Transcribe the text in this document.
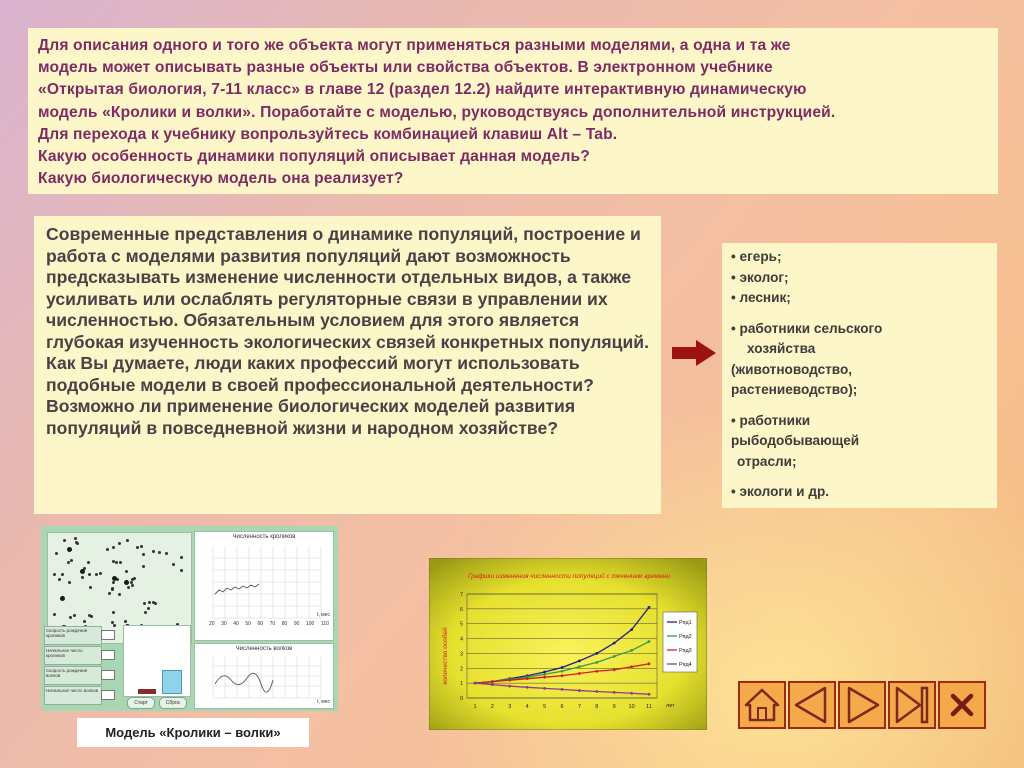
Для описания одного и того же объекта могут применяться разными моделями, а одна и та же

модель может описывать разные объекты или свойства объектов. В электронном учебнике

«Открытая биология, 7-11 класс» в главе 12 (раздел 12.2) найдите интерактивную динамическую

модель «Кролики и волки». Поработайте с моделью, руководствуясь дополнительной инструкцией.

Для перехода к учебнику вопрользуйтесь комбинацией клавиш Alt – Tab.

Какую особенность динамики популяций описывает данная модель?

Какую биологическую модель она реализует?

Современные представления о динамике популяций, построение и работа с моделями развития популяций дают возможность предсказывать изменение численности отдельных видов, а также усиливать или ослаблять регуляторные связи в управлении их численностью. Обязательным условием для этого является глубокая изученность экологических связей конкретных популяций. Как Вы думаете, люди каких профессий могут использовать подобные модели в своей профессиональной деятельности? Возможно ли применение биологических моделей развития популяций в повседневной жизни и народном хозяйстве?

• егерь;
• эколог;
• лесник;
• работники сельского
хозяйства
(животноводство,
растениеводство);
• работники
рыбодобывающей
отрасли;
• экологи и др.
Численность кроликов
20 30 40 50 60 70 80 90 100 110
t, мес
Численность волков
t, мес
Скорость рождения кроликов
Начальное число кроликов
Скорость рождения волков
Начальное число волков
Старт	Сброс
Модель «Кролики – волки»
Графики изменения численности популяций с течением времени
количество особей
лет
0
1
2
3
4
5
6
7
1	2	3	4	5	6	7	8	9 10 11
Ряд1
Ряд2
Ряд3
Ряд4
